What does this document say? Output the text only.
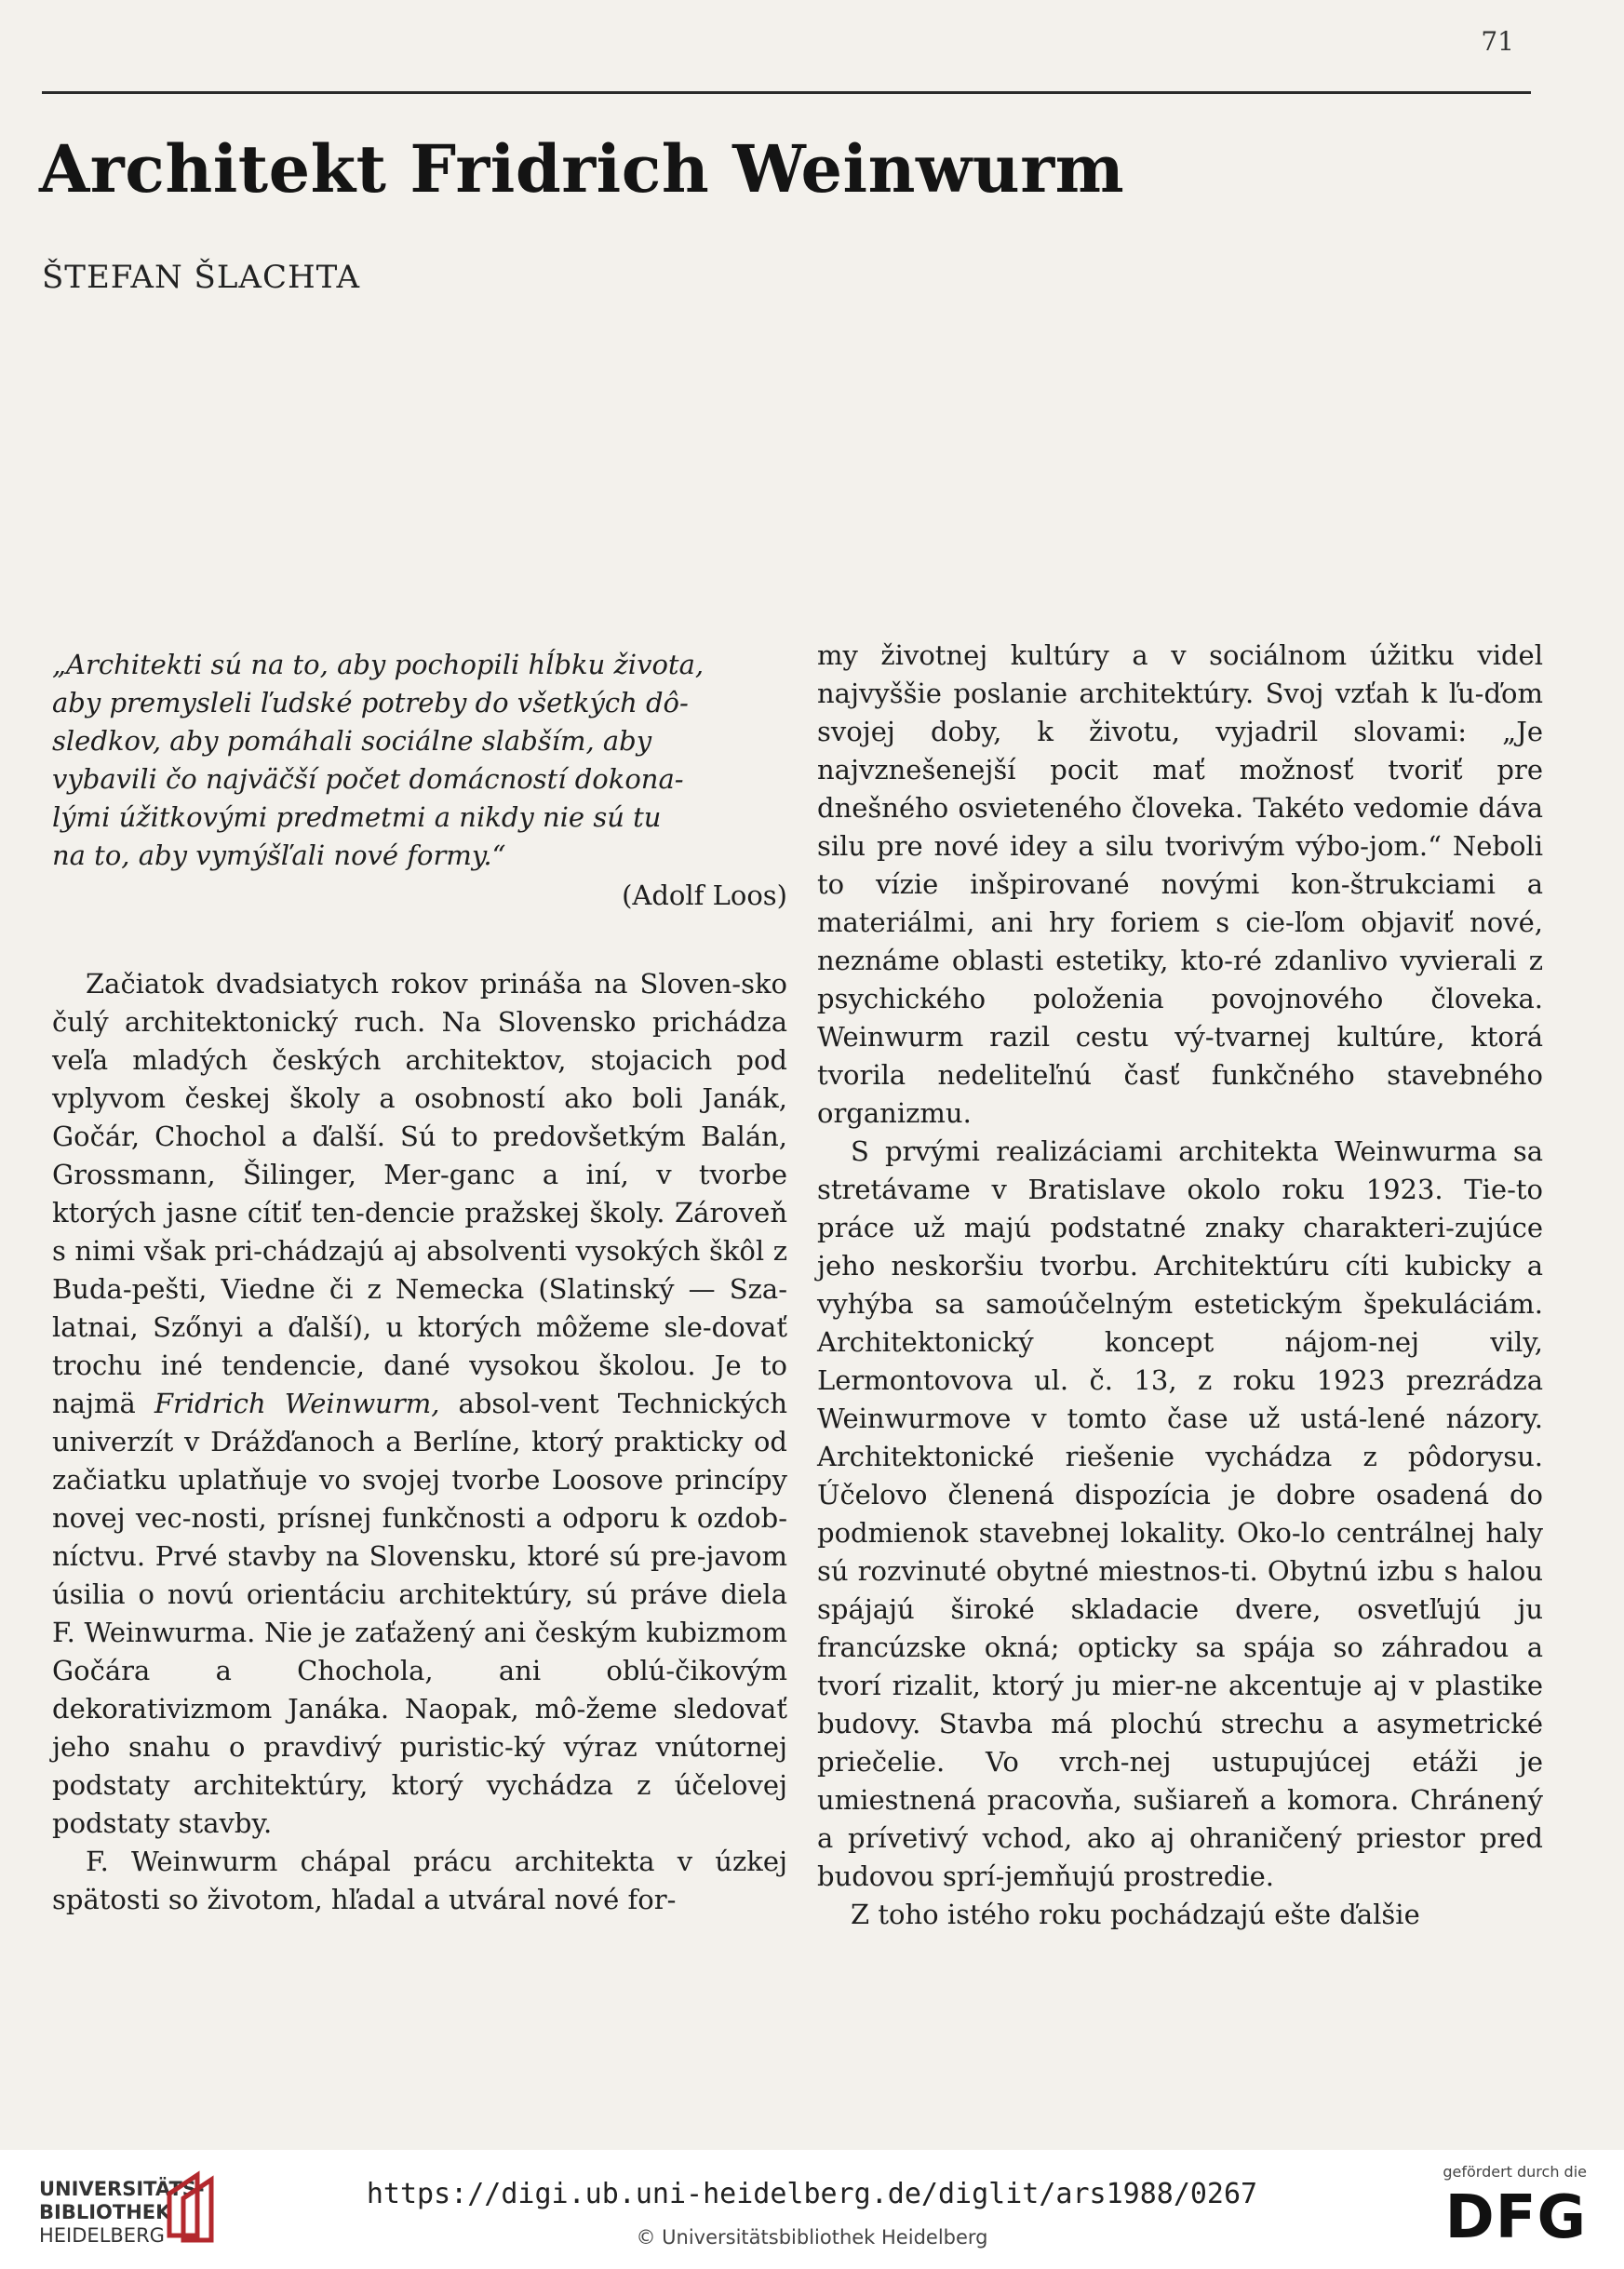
71
Architekt Fridrich Weinwurm
ŠTEFAN ŠLACHTA
„Architekti sú na to, aby pochopili hĺbku života,
aby premysleli ľudské potreby do všetkých dô-
sledkov, aby pomáhali sociálne slabším, aby
vybavili čo najväčší počet domácností dokona-
lými úžitkovými predmetmi a nikdy nie sú tu
na to, aby vymýšľali nové formy.“
(Adolf Loos)

Začiatok dvadsiatych rokov prináša na Sloven-sko čulý architektonický ruch. Na Slovensko prichádza veľa mladých českých architektov, stojacich pod vplyvom českej školy a osobností ako boli Janák, Gočár, Chochol a ďalší. Sú to predovšetkým Balán, Grossmann, Šilinger, Mer-ganc a iní, v tvorbe ktorých jasne cítiť ten-dencie pražskej školy. Zároveň s nimi však pri-chádzajú aj absolventi vysokých škôl z Buda-pešti, Viedne či z Nemecka (Slatinský — Sza-latnai, Szőnyi a ďalší), u ktorých môžeme sle-dovať trochu iné tendencie, dané vysokou školou. Je to najmä Fridrich Weinwurm, absol-vent Technických univerzít v Drážďanoch a Berlíne, ktorý prakticky od začiatku uplatňuje vo svojej tvorbe Loosove princípy novej vec-nosti, prísnej funkčnosti a odporu k ozdob-níctvu. Prvé stavby na Slovensku, ktoré sú pre-javom úsilia o novú orientáciu architektúry, sú práve diela F. Weinwurma. Nie je zaťažený ani českým kubizmom Gočára a Chochola, ani oblú-čikovým dekorativizmom Janáka. Naopak, mô-žeme sledovať jeho snahu o pravdivý puristic-ký výraz vnútornej podstaty architektúry, ktorý vychádza z účelovej podstaty stavby.

F. Weinwurm chápal prácu architekta v úzkej spätosti so životom, hľadal a utváral nové for-

my životnej kultúry a v sociálnom úžitku videl najvyššie poslanie architektúry. Svoj vzťah k ľu-ďom svojej doby, k životu, vyjadril slovami: „Je najvznešenejší pocit mať možnosť tvoriť pre dnešného osvieteného človeka. Takéto vedomie dáva silu pre nové idey a silu tvorivým výbo-jom.“ Neboli to vízie inšpirované novými kon-štrukciami a materiálmi, ani hry foriem s cie-ľom objaviť nové, neznáme oblasti estetiky, kto-ré zdanlivo vyvierali z psychického položenia povojnového človeka. Weinwurm razil cestu vý-tvarnej kultúre, ktorá tvorila nedeliteľnú časť funkčného stavebného organizmu.

S prvými realizáciami architekta Weinwurma sa stretávame v Bratislave okolo roku 1923. Tie-to práce už majú podstatné znaky charakteri-zujúce jeho neskoršiu tvorbu. Architektúru cíti kubicky a vyhýba sa samoúčelným estetickým špekuláciám. Architektonický koncept nájom-nej vily, Lermontovova ul. č. 13, z roku 1923 prezrádza Weinwurmove v tomto čase už ustá-lené názory. Architektonické riešenie vychádza z pôdorysu. Účelovo členená dispozícia je dobre osadená do podmienok stavebnej lokality. Oko-lo centrálnej haly sú rozvinuté obytné miestnos-ti. Obytnú izbu s halou spájajú široké skladacie dvere, osvetľujú ju francúzske okná; opticky sa spája so záhradou a tvorí rizalit, ktorý ju mier-ne akcentuje aj v plastike budovy. Stavba má plochú strechu a asymetrické priečelie. Vo vrch-nej ustupujúcej etáži je umiestnená pracovňa, sušiareň a komora. Chránený a prívetivý vchod, ako aj ohraničený priestor pred budovou sprí-jemňujú prostredie.

Z toho istého roku pochádzajú ešte ďalšie

UNIVERSITÄTS-
BIBLIOTHEK
HEIDELBERG
https://digi.ub.uni-heidelberg.de/diglit/ars1988/0267
© Universitätsbibliothek Heidelberg
gefördert durch die
DFG
